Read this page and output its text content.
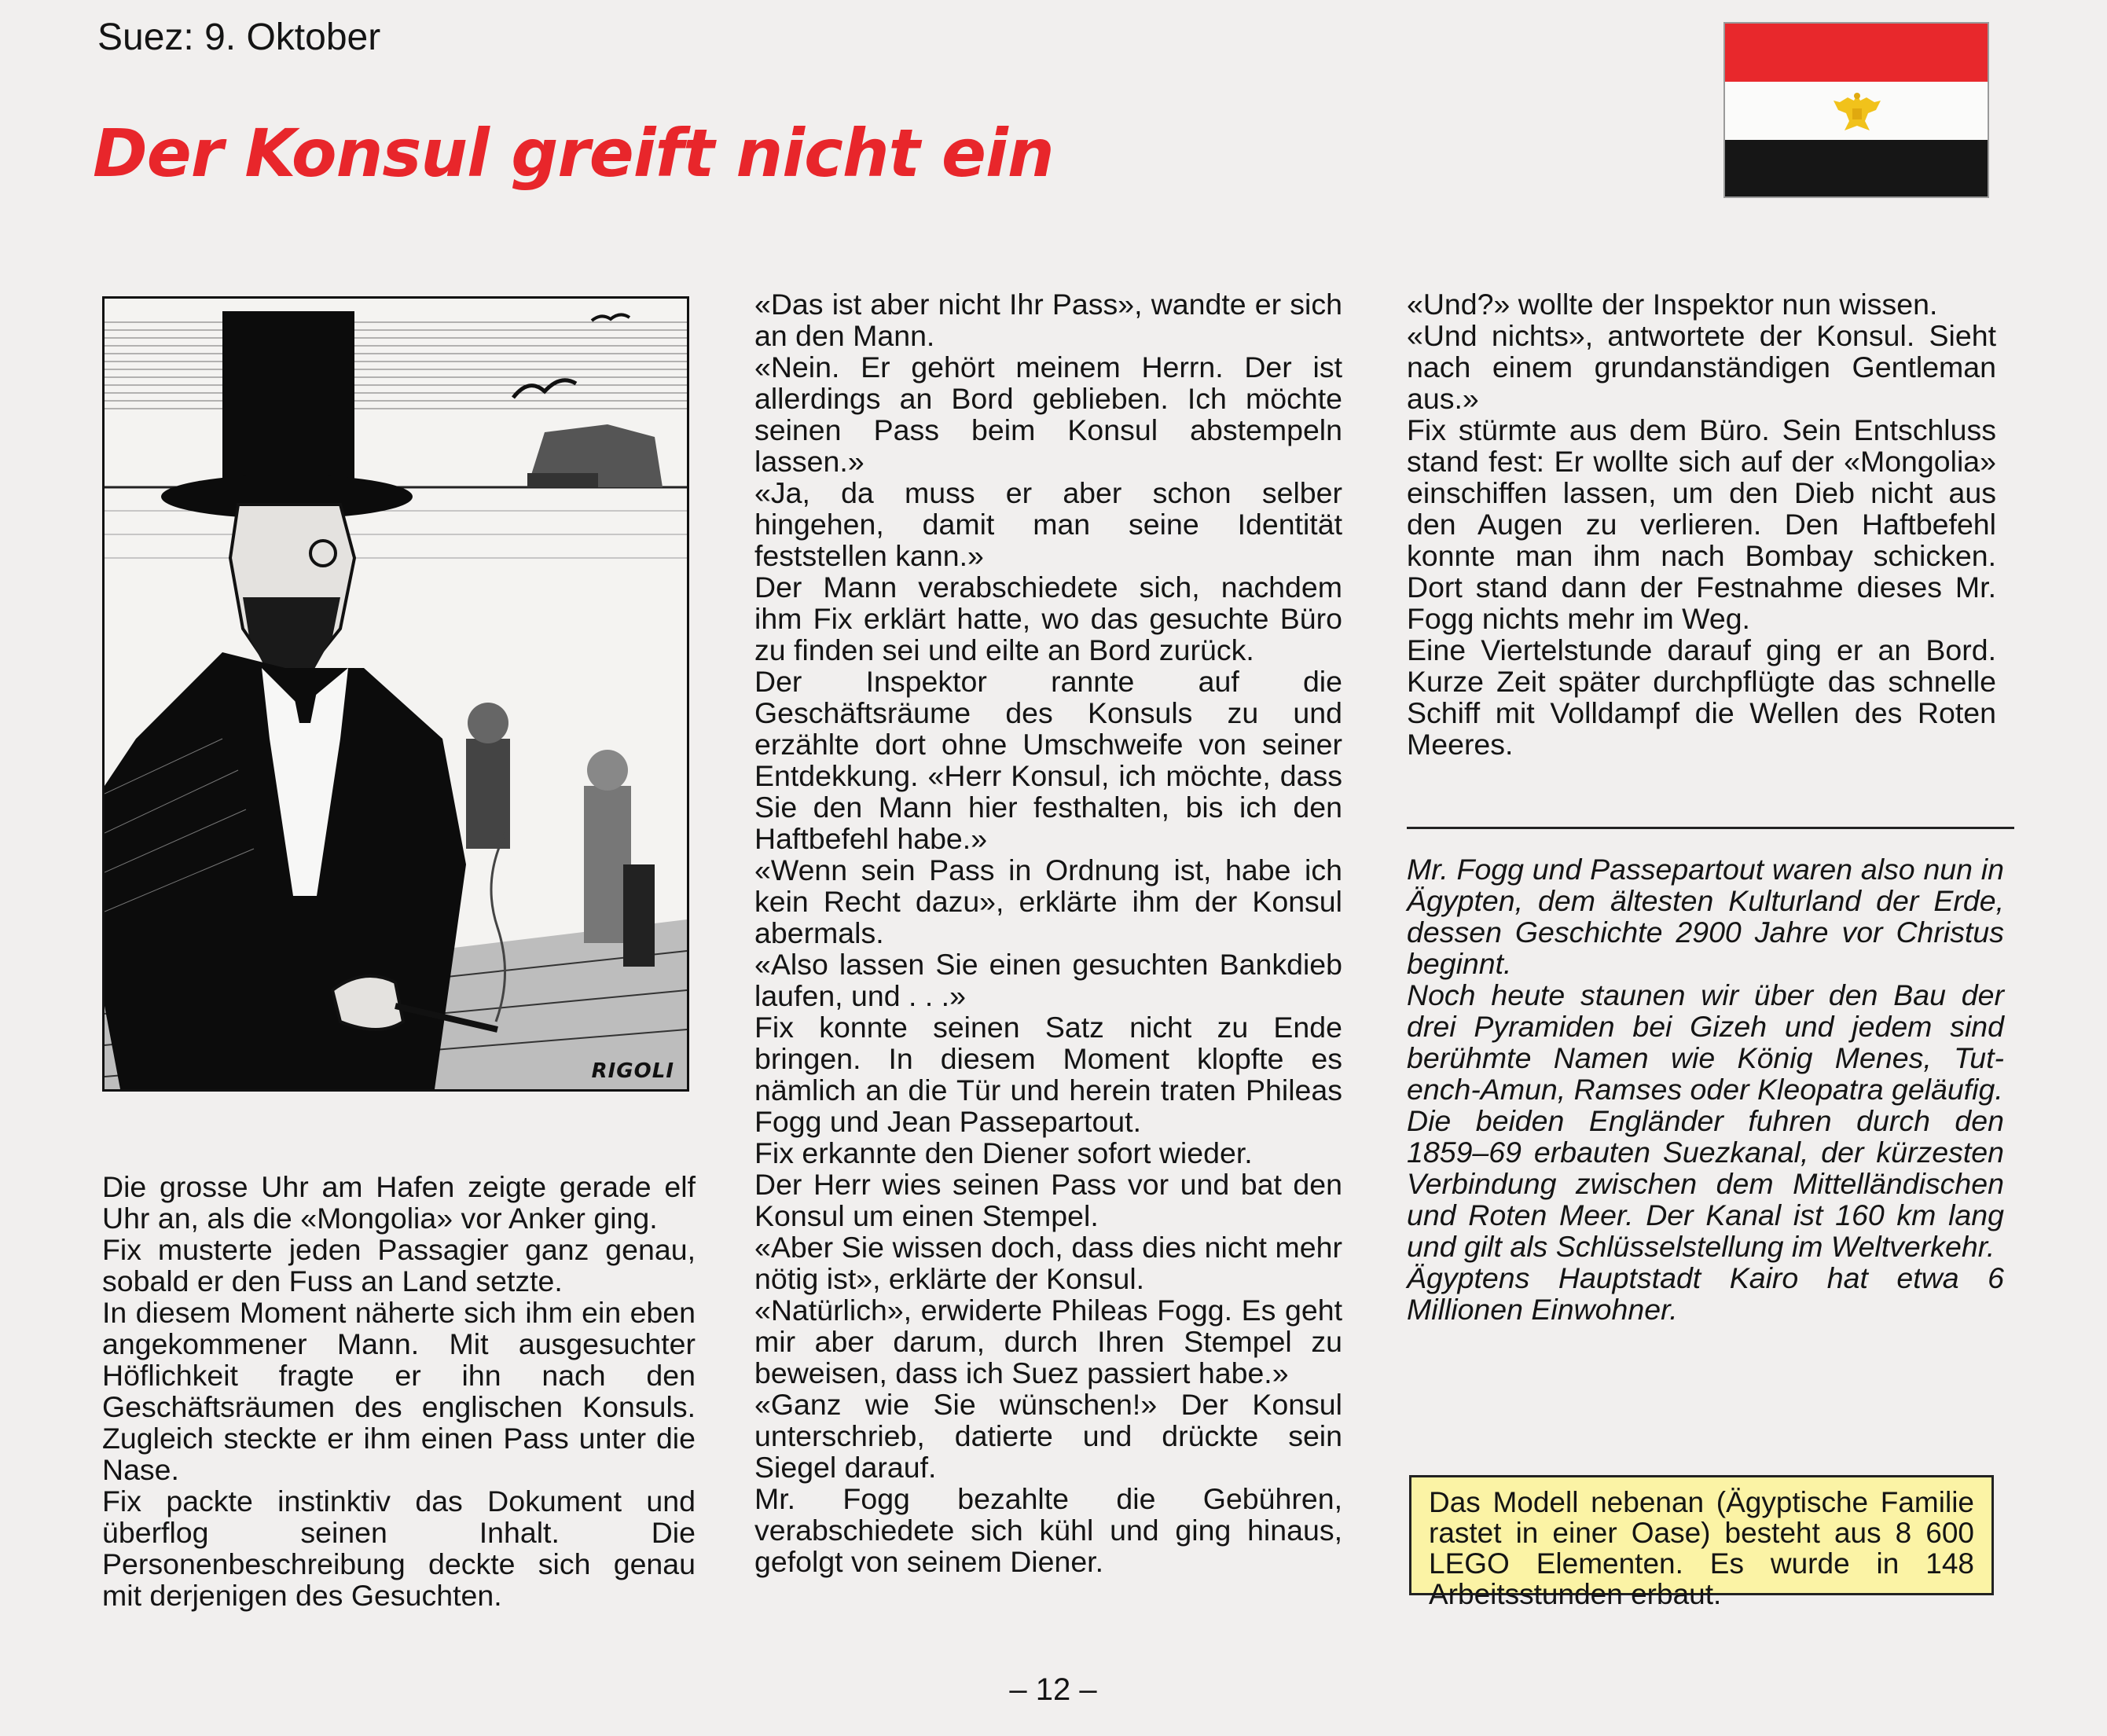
Suez: 9. Oktober
Der Konsul greift nicht ein
RIGOLI

Die grosse Uhr am Hafen zeigte gerade elf Uhr an, als die «Mongolia» vor Anker ging.

Fix musterte jeden Passagier ganz genau, sobald er den Fuss an Land setzte.

In diesem Moment näherte sich ihm ein eben angekommener Mann. Mit ausgesuchter Höflichkeit fragte er ihn nach den Geschäftsräumen des englischen Konsuls. Zugleich steckte er ihm einen Pass unter die Nase.

Fix packte instinktiv das Dokument und überflog seinen Inhalt. Die Personenbeschreibung deckte sich genau mit derjenigen des Gesuchten.

«Das ist aber nicht Ihr Pass», wandte er sich an den Mann.

«Nein. Er gehört meinem Herrn. Der ist allerdings an Bord geblieben. Ich möchte seinen Pass beim Konsul abstempeln lassen.»

«Ja, da muss er aber schon selber hingehen, damit man seine Identität feststellen kann.»

Der Mann verabschiedete sich, nachdem ihm Fix erklärt hatte, wo das gesuchte Büro zu finden sei und eilte an Bord zurück.

Der Inspektor rannte auf die Geschäftsräume des Konsuls zu und erzählte dort ohne Umschweife von seiner Entdekkung. «Herr Konsul, ich möchte, dass Sie den Mann hier festhalten, bis ich den Haftbefehl habe.»

«Wenn sein Pass in Ordnung ist, habe ich kein Recht dazu», erklärte ihm der Konsul abermals.

«Also lassen Sie einen gesuchten Bankdieb laufen, und . . .»

Fix konnte seinen Satz nicht zu Ende bringen. In diesem Moment klopfte es nämlich an die Tür und herein traten Phileas Fogg und Jean Passepartout.

Fix erkannte den Diener sofort wieder.

Der Herr wies seinen Pass vor und bat den Konsul um einen Stempel.

«Aber Sie wissen doch, dass dies nicht mehr nötig ist», erklärte der Konsul.

«Natürlich», erwiderte Phileas Fogg. Es geht mir aber darum, durch Ihren Stempel zu beweisen, dass ich Suez passiert habe.»

«Ganz wie Sie wünschen!» Der Konsul unterschrieb, datierte und drückte sein Siegel darauf.

Mr. Fogg bezahlte die Gebühren, verabschiedete sich kühl und ging hinaus, gefolgt von seinem Diener.

«Und?» wollte der Inspektor nun wissen.

«Und nichts», antwortete der Konsul. Sieht nach einem grundanständigen Gentleman aus.»

Fix stürmte aus dem Büro. Sein Entschluss stand fest: Er wollte sich auf der «Mongolia» einschiffen lassen, um den Dieb nicht aus den Augen zu verlieren. Den Haftbefehl konnte man ihm nach Bombay schicken. Dort stand dann der Festnahme dieses Mr. Fogg nichts mehr im Weg.

Eine Viertelstunde darauf ging er an Bord. Kurze Zeit später durchpflügte das schnelle Schiff mit Volldampf die Wellen des Roten Meeres.

Mr. Fogg und Passepartout waren also nun in Ägypten, dem ältesten Kulturland der Erde, dessen Geschichte 2900 Jahre vor Christus beginnt.

Noch heute staunen wir über den Bau der drei Pyramiden bei Gizeh und jedem sind berühmte Namen wie König Menes, Tut-ench-Amun, Ramses oder Kleopatra geläufig.

Die beiden Engländer fuhren durch den 1859–69 erbauten Suezkanal, der kürzesten Verbindung zwischen dem Mittelländischen und Roten Meer. Der Kanal ist 160 km lang und gilt als Schlüsselstellung im Weltverkehr.

Ägyptens Hauptstadt Kairo hat etwa 6 Millionen Einwohner.

Das Modell nebenan (Ägyptische Familie rastet in einer Oase) besteht aus 8 600 LEGO Elementen. Es wurde in 148 Arbeitsstunden erbaut.
– 12 –
